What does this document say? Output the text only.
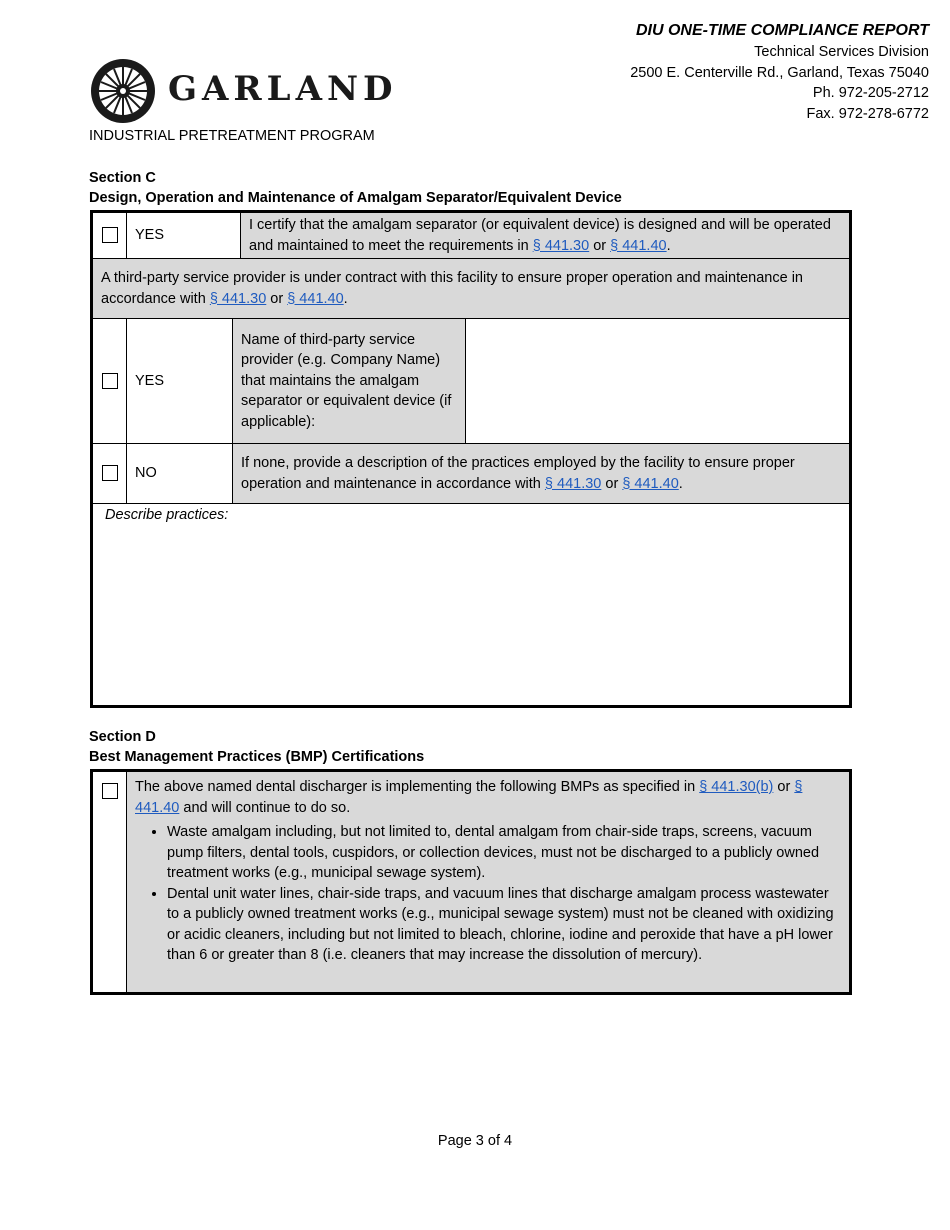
GARLAND
INDUSTRIAL PRETREATMENT PROGRAM
DIU ONE-TIME COMPLIANCE REPORT
Technical Services Division
2500 E. Centerville Rd., Garland, Texas 75040
Ph. 972-205-2712
Fax. 972-278-6772
Section C
Design, Operation and Maintenance of Amalgam Separator/Equivalent Device
	YES		I certify that the amalgam separator (or equivalent device) is designed and will be operated and maintained to meet the requirements in § 441.30 or § 441.40.	
A third-party service provider is under contract with this facility to ensure proper operation and maintenance in accordance with § 441.30 or § 441.40.				
	YES	Name of third-party service provider (e.g. Company Name) that maintains the amalgam separator or equivalent device (if applicable):		
	NO	If none, provide a description of the practices employed by the facility to ensure proper operation and maintenance in accordance with § 441.30 or § 441.40.		

Describe practices:				
Section D
Best Management Practices (BMP) Certifications

The above named dental discharger is implementing the following BMPs as specified in § 441.30(b) or § 441.40 and will continue to do so.
• Waste amalgam including, but not limited to, dental amalgam from chair-side traps, screens, vacuum pump filters, dental tools, cuspidors, or collection devices, must not be discharged to a publicly owned treatment works (e.g., municipal sewage system).
• Dental unit water lines, chair-side traps, and vacuum lines that discharge amalgam process wastewater to a publicly owned treatment works (e.g., municipal sewage system) must not be cleaned with oxidizing or acidic cleaners, including but not limited to bleach, chlorine, iodine and peroxide that have a pH lower than 6 or greater than 8 (i.e. cleaners that may increase the dissolution of mercury).
Page 3 of 4
